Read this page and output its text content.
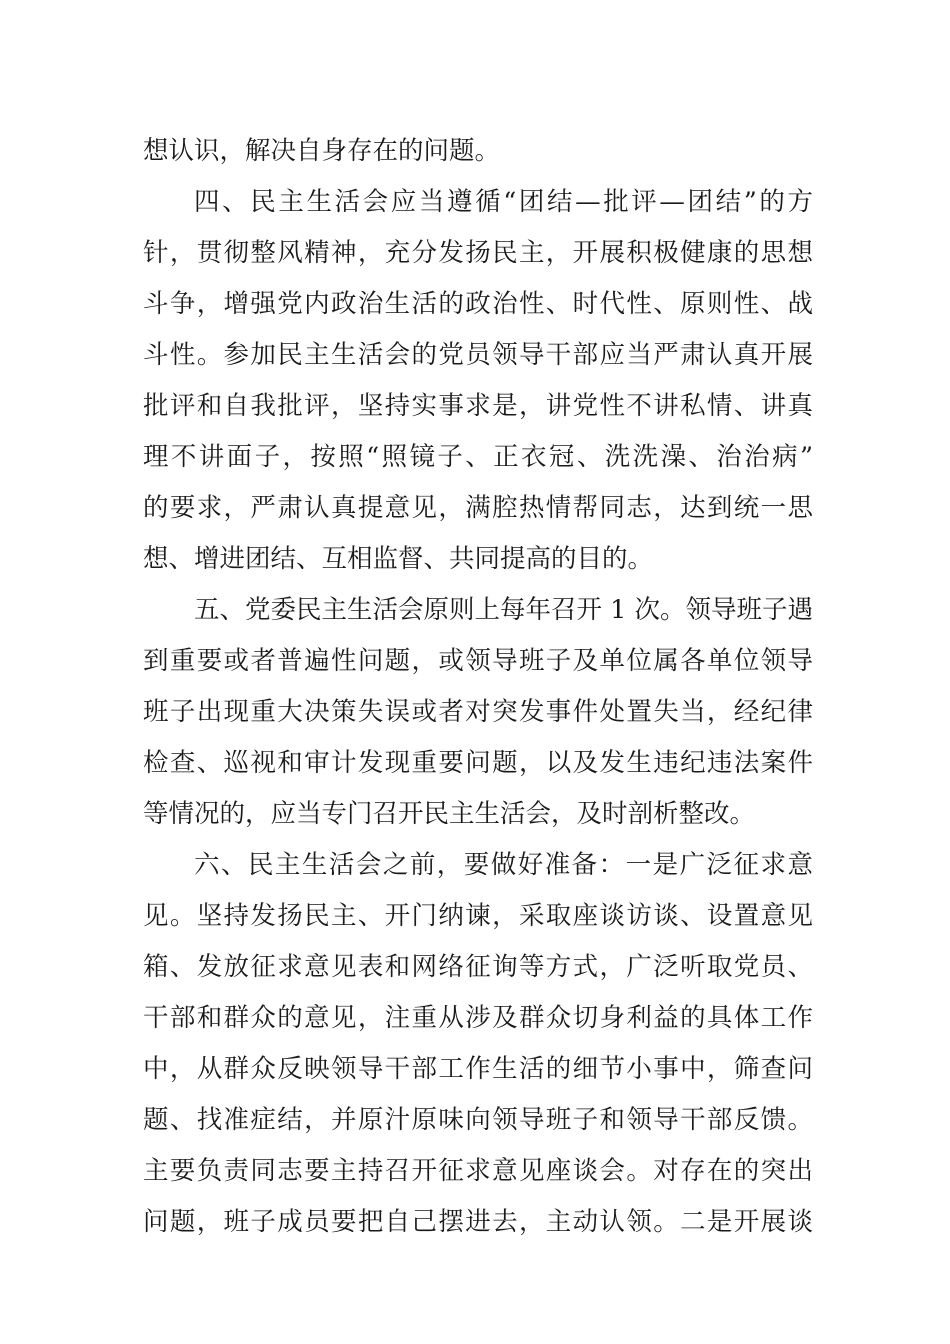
想认识，解决自身存在的问题。
四、民主生活会应当遵循“团结—批评—团结”的方
针，贯彻整风精神，充分发扬民主，开展积极健康的思想
斗争，增强党内政治生活的政治性、时代性、原则性、战
斗性。参加民主生活会的党员领导干部应当严肃认真开展
批评和自我批评，坚持实事求是，讲党性不讲私情、讲真
理不讲面子，按照“照镜子、正衣冠、洗洗澡、治治病”
的要求，严肃认真提意见，满腔热情帮同志，达到统一思
想、增进团结、互相监督、共同提高的目的。
五、党委民主生活会原则上每年召开 1 次。领导班子遇
到重要或者普遍性问题，或领导班子及单位属各单位领导
班子出现重大决策失误或者对突发事件处置失当，经纪律
检查、巡视和审计发现重要问题，以及发生违纪违法案件
等情况的，应当专门召开民主生活会，及时剖析整改。
六、民主生活会之前，要做好准备：一是广泛征求意
见。坚持发扬民主、开门纳谏，采取座谈访谈、设置意见
箱、发放征求意见表和网络征询等方式，广泛听取党员、
干部和群众的意见，注重从涉及群众切身利益的具体工作
中，从群众反映领导干部工作生活的细节小事中，筛查问
题、找准症结，并原汁原味向领导班子和领导干部反馈。
主要负责同志要主持召开征求意见座谈会。对存在的突出
问题，班子成员要把自己摆进去，主动认领。二是开展谈
